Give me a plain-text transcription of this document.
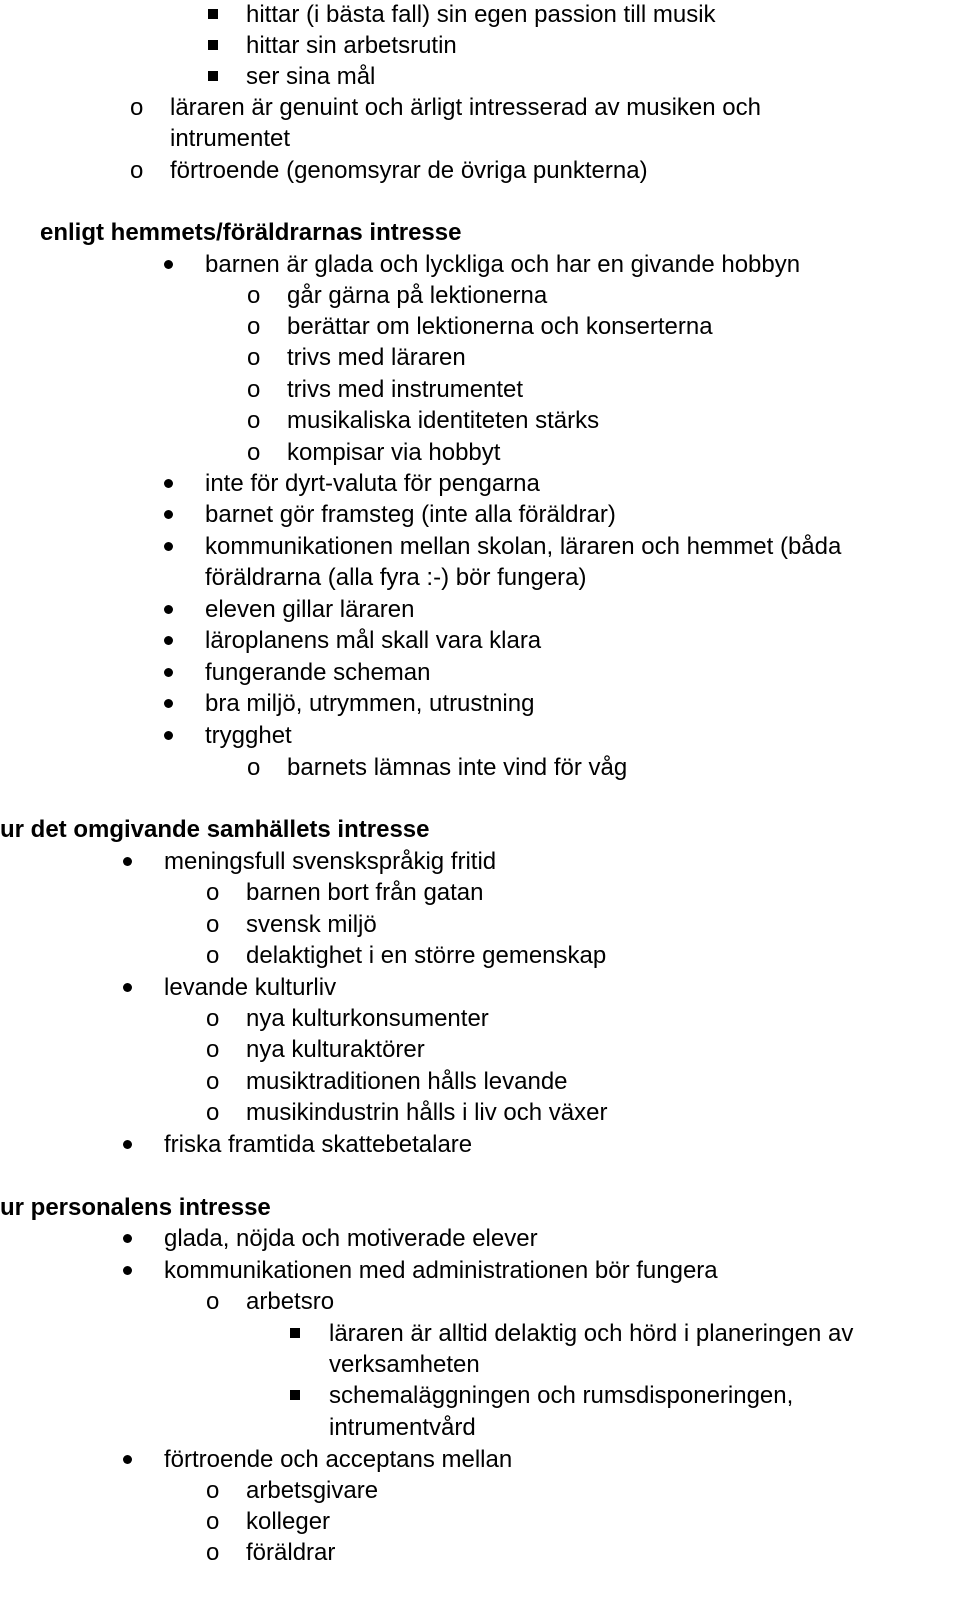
hittar (i bästa fall) sin egen passion till musik
hittar sin arbetsrutin
ser sina mål
o läraren är genuint och ärligt intresserad av musiken och
intrumentet
o förtroende (genomsyrar de övriga punkterna)
enligt hemmets/föräldrarnas intresse
barnen är glada och lyckliga och har en givande hobbyn
o går gärna på lektionerna
o berättar om lektionerna och konserterna
o trivs med läraren
o trivs med instrumentet
o musikaliska identiteten stärks
o kompisar via hobbyt
inte för dyrt-valuta för pengarna
barnet gör framsteg (inte alla föräldrar)
kommunikationen mellan skolan, läraren och hemmet (båda
föräldrarna (alla fyra :-) bör fungera)
eleven gillar läraren
läroplanens mål skall vara klara
fungerande scheman
bra miljö, utrymmen, utrustning
trygghet
o barnets lämnas inte vind för våg
ur det omgivande samhällets intresse
meningsfull svenskspråkig fritid
o barnen bort från gatan
o svensk miljö
o delaktighet i en större gemenskap
levande kulturliv
o nya kulturkonsumenter
o nya kulturaktörer
o musiktraditionen hålls levande
o musikindustrin hålls i liv och växer
friska framtida skattebetalare
ur personalens intresse
glada, nöjda och motiverade elever
kommunikationen med administrationen bör fungera
o arbetsro
läraren är alltid delaktig och hörd i planeringen av
verksamheten
schemaläggningen och rumsdisponeringen,
intrumentvård
förtroende och acceptans mellan
o arbetsgivare
o kolleger
o föräldrar
